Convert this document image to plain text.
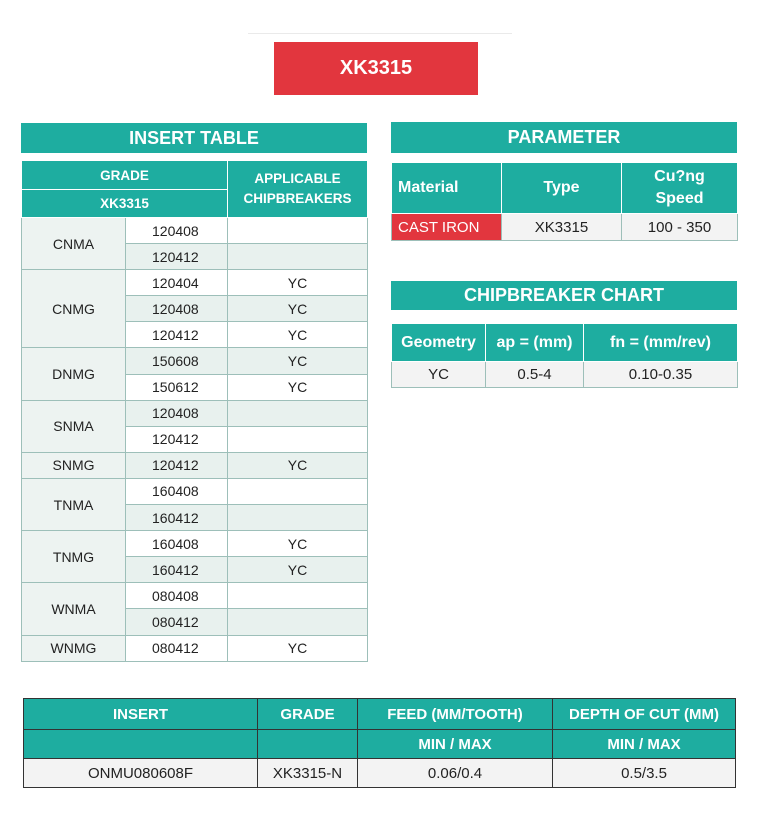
XK3315
INSERT TABLE
GRADE		APPLICABLE CHIPBREAKERS
XK3315		
CNMA	120408	
	120412	
CNMG	120404	YC
	120408	YC
	120412	YC
DNMG	150608	YC
	150612	YC
SNMA	120408	
	120412	
SNMG	120412	YC
TNMA	160408	
	160412	
TNMG	160408	YC
	160412	YC
WNMA	080408	
	080412	
WNMG	080412	YC
PARAMETER
Material	Type	Cu?ng Speed
CAST IRON	XK3315	100 - 350
CHIPBREAKER CHART
Geometry	ap = (mm)	fn = (mm/rev)
YC	0.5-4	0.10-0.35
INSERT	GRADE	FEED (MM/TOOTH)	DEPTH OF CUT (MM)
		MIN / MAX	MIN / MAX
ONMU080608F	XK3315-N	0.06/0.4	0.5/3.5
